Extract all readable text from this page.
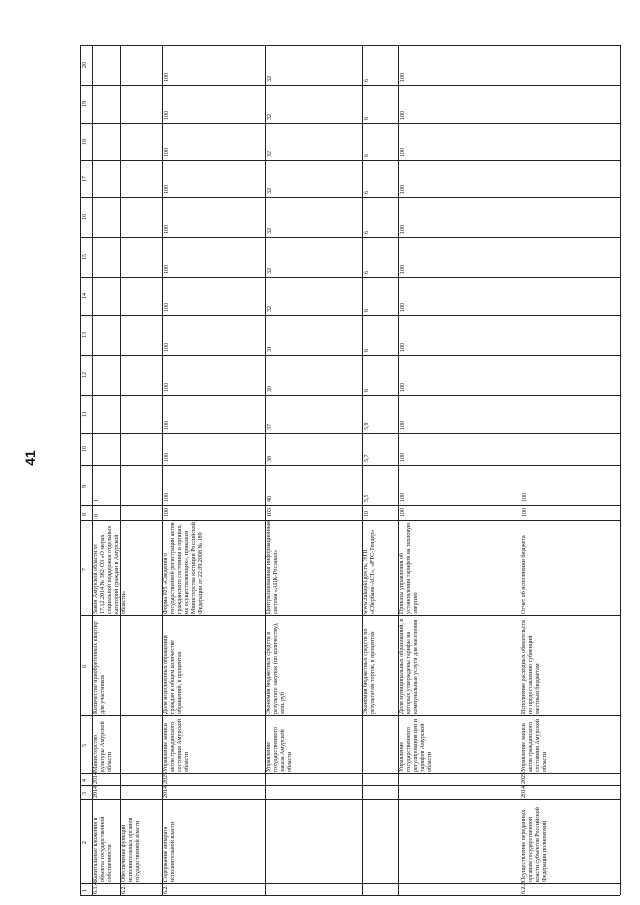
41
1
2
3
4
5
6
7
8
9
10
11
12
13
14
15
16
17
18
19
20
6.1.4.
Капитальные вложения в объекты государственной собственности
2014
2014
Министерство культуры Амурской области
Количество приобретенных квартир для участников
Закон Амурской области от 17.12.2014 № 382-ОЗ «О мерах социальной поддержки отдельных категорий граждан в Амурской области»
0
1
6.2.
Обеспечение функций исполнительных органов государственной власти
6.2.1.
Содержание аппарата исполнительной власти
2014
2025
Управление записи актов гражданского состояния Амурской области
Доля исполненных обращений граждан в общем количестве обращений, в процентах
Форма 025 «Сведения о государственной регистрации актов гражданского состояния и органах, их осуществляющих», приказом Министерства юстиции Российской Федерации от 22.09.2008 № 189
100
100
100
100
100
100
100
100
100
100
100
100
100
Управление государственного заказа Амурской области
Экономия бюджетных средств в результате закупок (по количеству), млн. руб
Централизованная информационная система «АЦК-Госзаказ»
103
40
38
37
30
31
32
32
32
32
32
32
32
Экономия бюджетных средств по результатам торгов, в процентах
www.zakupki.gov.ru, ЭТП «Сбербанк-АСТ», «РТС-Тендер»
10
5,5
5,7
5,9
6
6
6
6
6
6
6
6
6
Управление государственного регулирования цен и тарифов Амурской области
Доля муниципальных образований, в которых утверждены тарифы на коммунальные услуги для населения
Приказы управления об установлении тарифов на тепловую энергию
100
100
100
100
100
100
100
100
100
100
100
100
100
6.2.2.
Осуществление переданных органам государственной власти субъектов Российской Федерации полномочий
2014
2025
Управление записи актов гражданского состояния Амурской области
Исполнение расходных обязательств по предоставлению субвенций местным бюджетам
Отчет об исполнении бюджета
100
100
